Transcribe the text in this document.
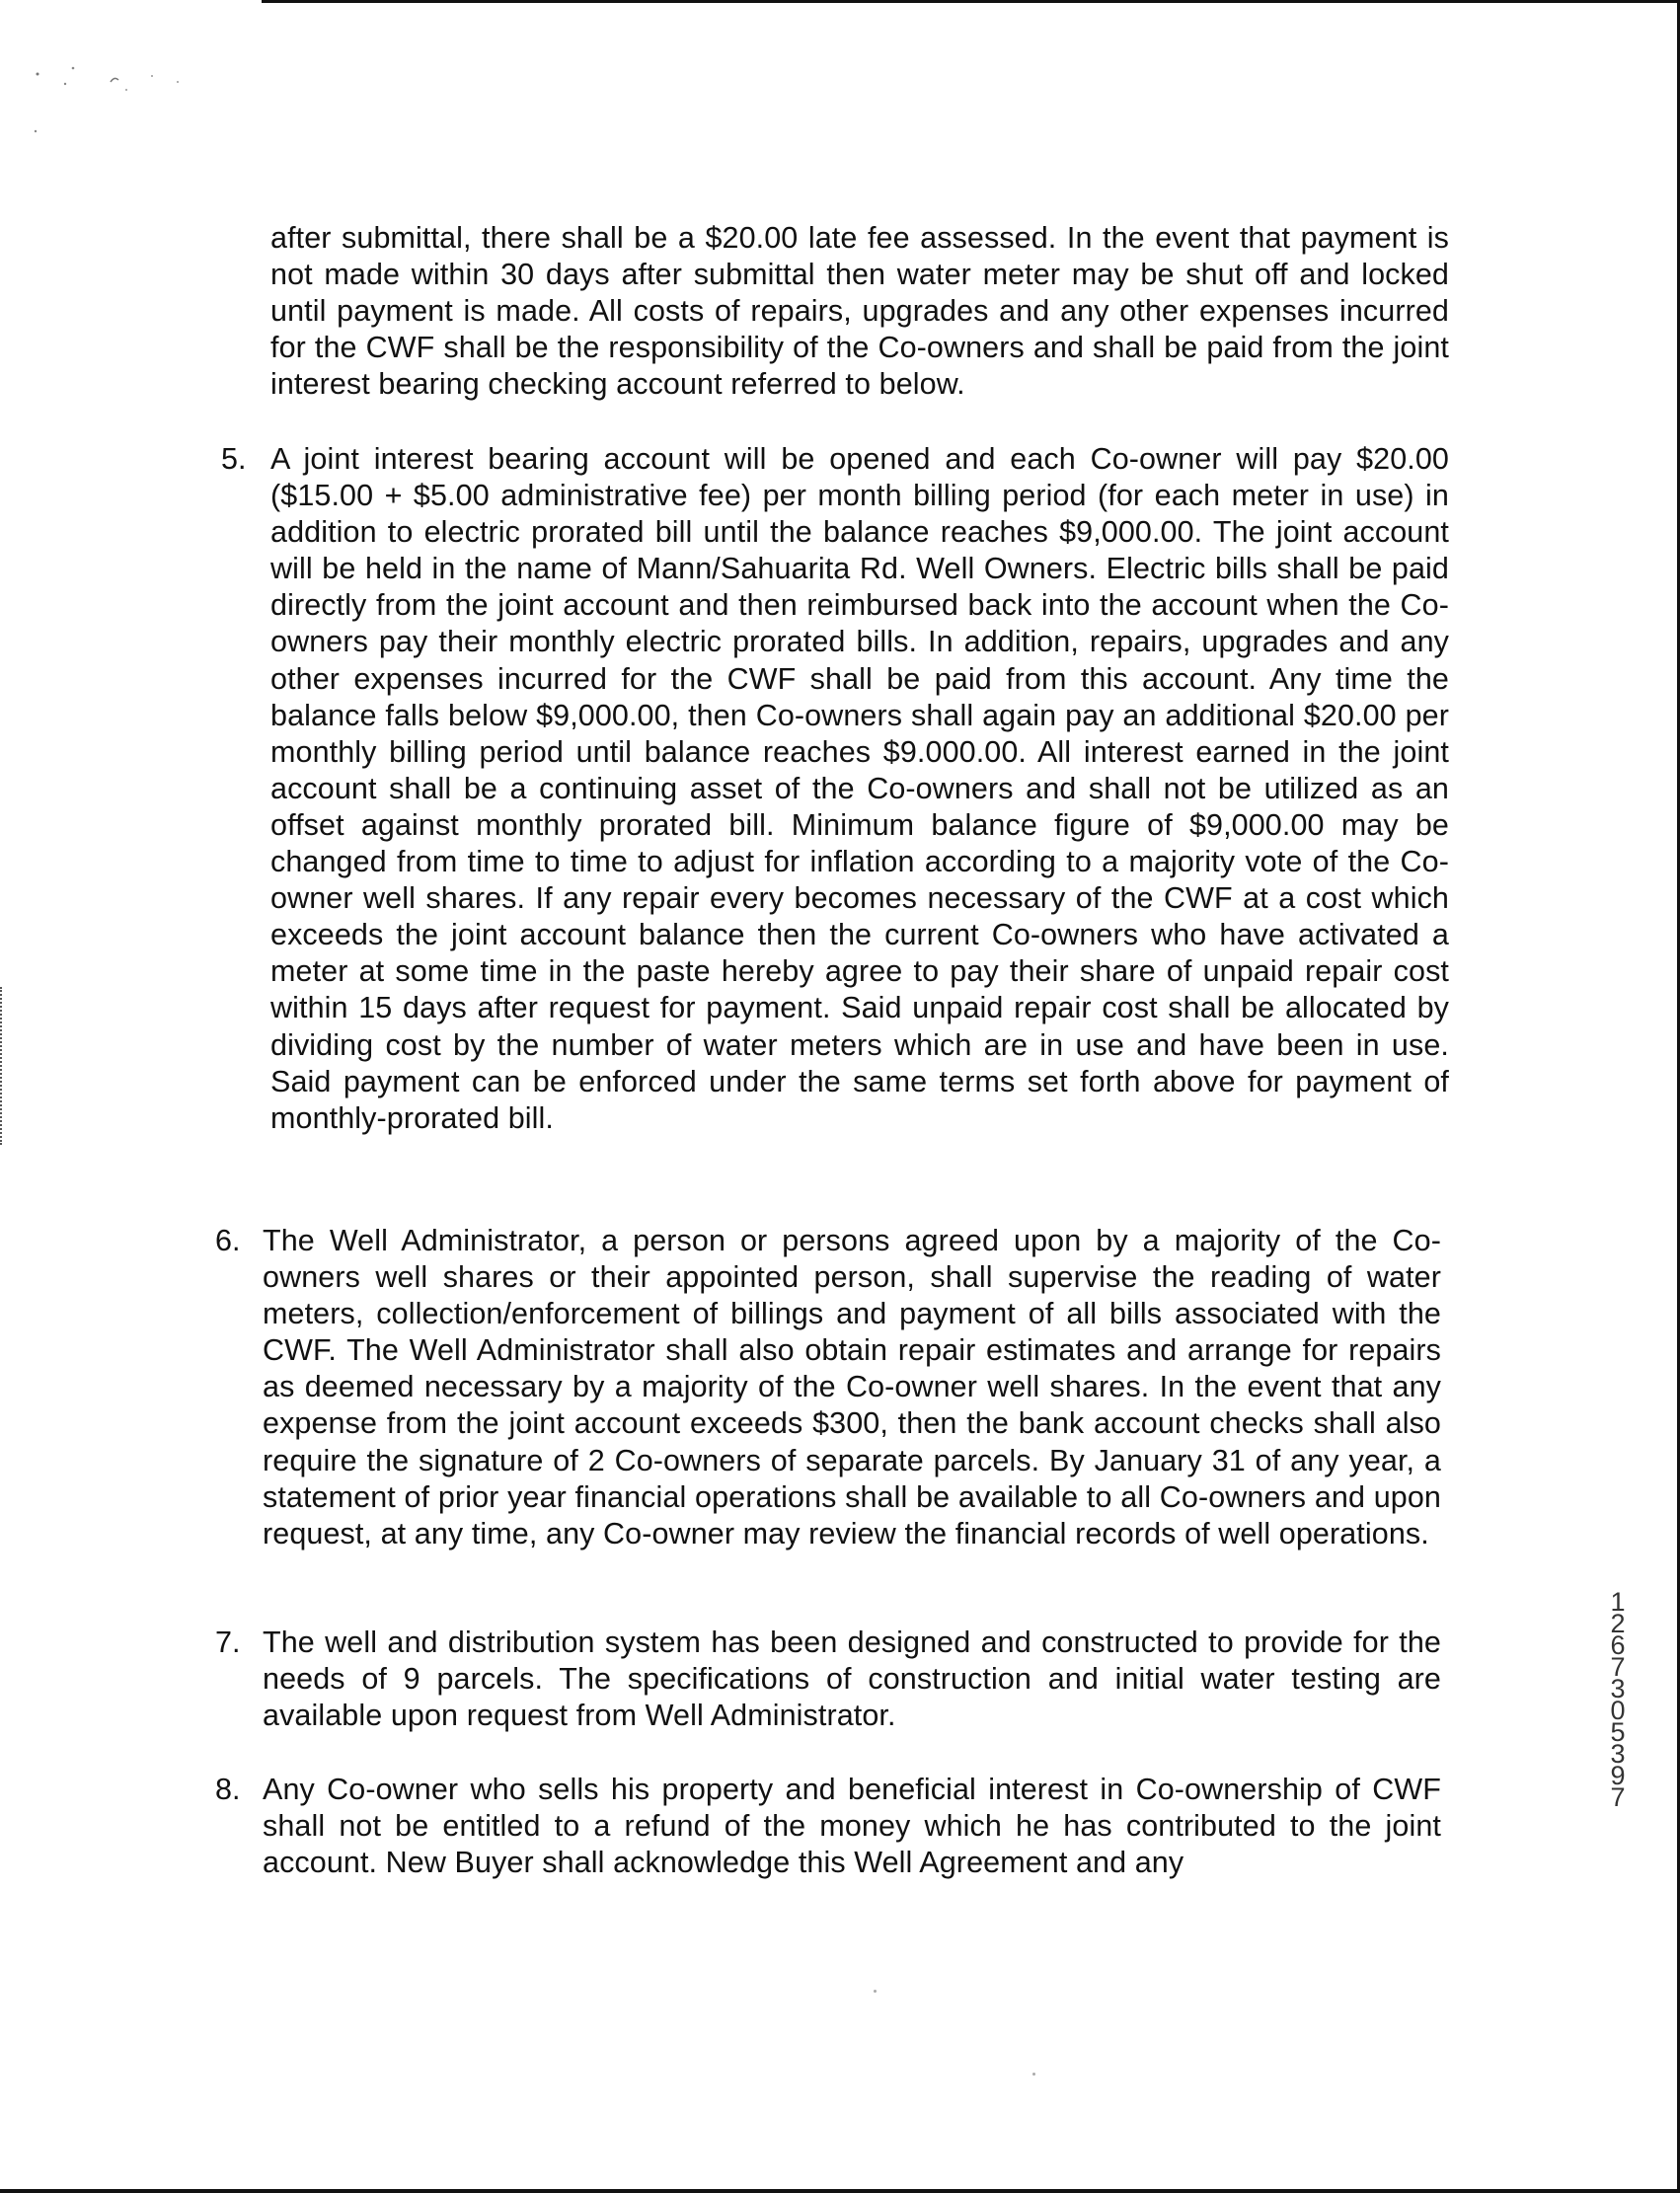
after submittal, there shall be a $20.00 late fee assessed. In the event that payment is not made within 30 days after submittal then water meter may be shut off and locked until payment is made. All costs of repairs, upgrades and any other expenses incurred for the CWF shall be the responsibility of the Co-owners and shall be paid from the joint interest bearing checking account referred to below.

5. A joint interest bearing account will be opened and each Co-owner will pay $20.00 ($15.00 + $5.00 administrative fee) per month billing period (for each meter in use) in addition to electric prorated bill until the balance reaches $9,000.00. The joint account will be held in the name of Mann/Sahuarita Rd. Well Owners. Electric bills shall be paid directly from the joint account and then reimbursed back into the account when the Co-owners pay their monthly electric prorated bills. In addition, repairs, upgrades and any other expenses incurred for the CWF shall be paid from this account. Any time the balance falls below $9,000.00, then Co-owners shall again pay an additional $20.00 per monthly billing period until balance reaches $9.000.00. All interest earned in the joint account shall be a continuing asset of the Co-owners and shall not be utilized as an offset against monthly prorated bill. Minimum balance figure of $9,000.00 may be changed from time to time to adjust for inflation according to a majority vote of the Co-owner well shares. If any repair every becomes necessary of the CWF at a cost which exceeds the joint account balance then the current Co-owners who have activated a meter at some time in the paste hereby agree to pay their share of unpaid repair cost within 15 days after request for payment. Said unpaid repair cost shall be allocated by dividing cost by the number of water meters which are in use and have been in use. Said payment can be enforced under the same terms set forth above for payment of monthly-prorated bill.

6. The Well Administrator, a person or persons agreed upon by a majority of the Co-owners well shares or their appointed person, shall supervise the reading of water meters, collection/enforcement of billings and payment of all bills associated with the CWF. The Well Administrator shall also obtain repair estimates and arrange for repairs as deemed necessary by a majority of the Co-owner well shares. In the event that any expense from the joint account exceeds $300, then the bank account checks shall also require the signature of 2 Co-owners of separate parcels. By January 31 of any year, a statement of prior year financial operations shall be available to all Co-owners and upon request, at any time, any Co-owner may review the financial records of well operations.

7. The well and distribution system has been designed and constructed to provide for the needs of 9 parcels. The specifications of construction and initial water testing are available upon request from Well Administrator.

8. Any Co-owner who sells his property and beneficial interest in Co-ownership of CWF shall not be entitled to a refund of the money which he has contributed to the joint account. New Buyer shall acknowledge this Well Agreement and any

12673 05397
